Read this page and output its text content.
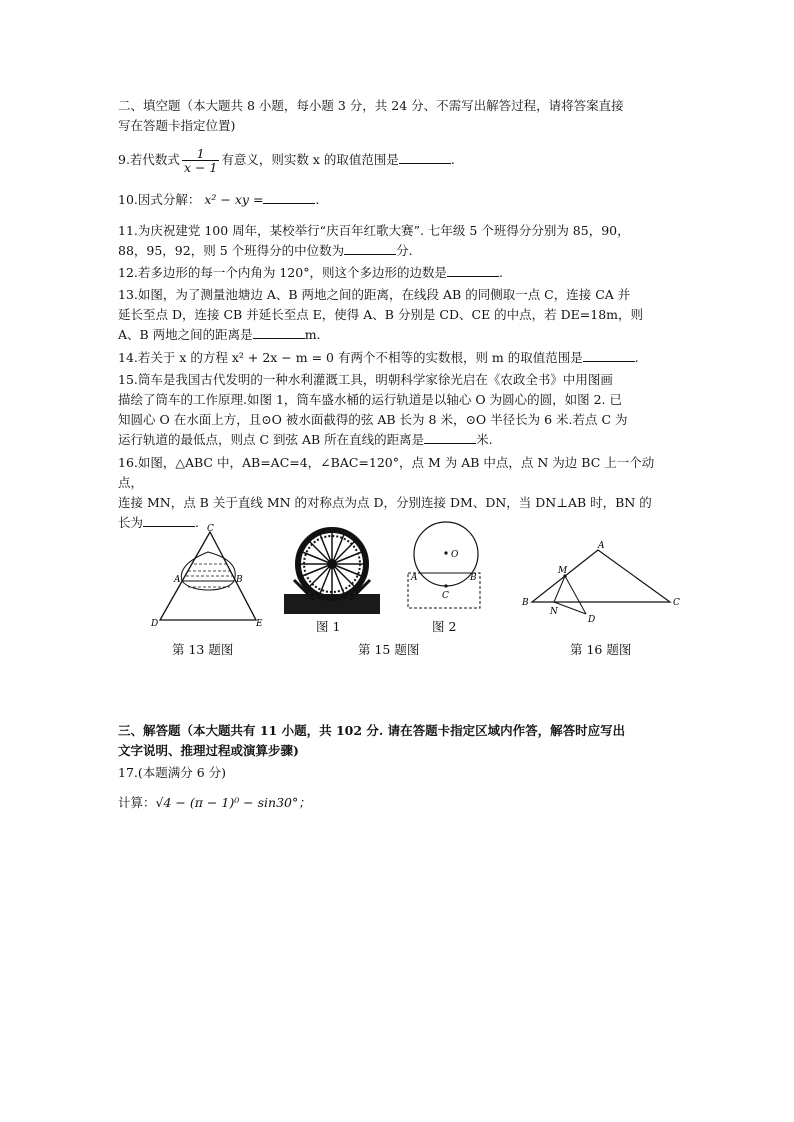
二、填空题（本大题共 8 小题，每小题 3 分，共 24 分、不需写出解答过程，请将答案直接
写在答题卡指定位置)
9.若代数式 $\frac{1}{x - 1}$ 有意义，则实数 x 的取值范围是	.
10.因式分解： x² − xy =	.
11.为庆祝建党 100 周年，某校举行“庆百年红歌大赛”. 七年级 5 个班得分分别为 85，90，
88，95，92，则 5 个班得分的中位数为	分.
12.若多边形的每一个内角为 120°，则这个多边形的边数是	.
13.如图，为了测量池塘边 A、B 两地之间的距离，在线段 AB 的同侧取一点 C，连接 CA 并
延长至点 D，连接 CB 并延长至点 E，使得 A、B 分别是 CD、CE 的中点，若 DE=18m，则
A、B 两地之间的距离是	m.
14.若关于 x 的方程 x² + 2x − m = 0 有两个不相等的实数根，则 m 的取值范围是	.
15.筒车是我国古代发明的一种水利灌溉工具，明朝科学家徐光启在《农政全书》中用图画
描绘了筒车的工作原理.如图 1，筒车盛水桶的运行轨道是以轴心 O 为圆心的圆，如图 2. 已
知圆心 O 在水面上方，且⊙O 被水面截得的弦 AB 长为 8 米，⊙O 半径长为 6 米.若点 C 为
运行轨道的最低点，则点 C 到弦 AB 所在直线的距离是	米.
16.如图，△ABC 中，AB=AC=4，∠BAC=120°，点 M 为 AB 中点，点 N 为边 BC 上一个动点，
连接 MN，点 B 关于直线 MN 的对称点为点 D，分别连接 DM、DN，当 DN⊥AB 时，BN 的
长为	. C
A	B
D	E
第 13 题图
图 1
O
A	B
C
图 2
第 15 题图
A
M
B
N
D
C
第 16 题图
三、解答题（本大题共有 11 小题，共 102 分. 请在答题卡指定区域内作答，解答时应写出
文字说明、推理过程或演算步骤)
17.(本题满分 6 分)
计算：√4 − (π − 1)⁰ − sin30°；
